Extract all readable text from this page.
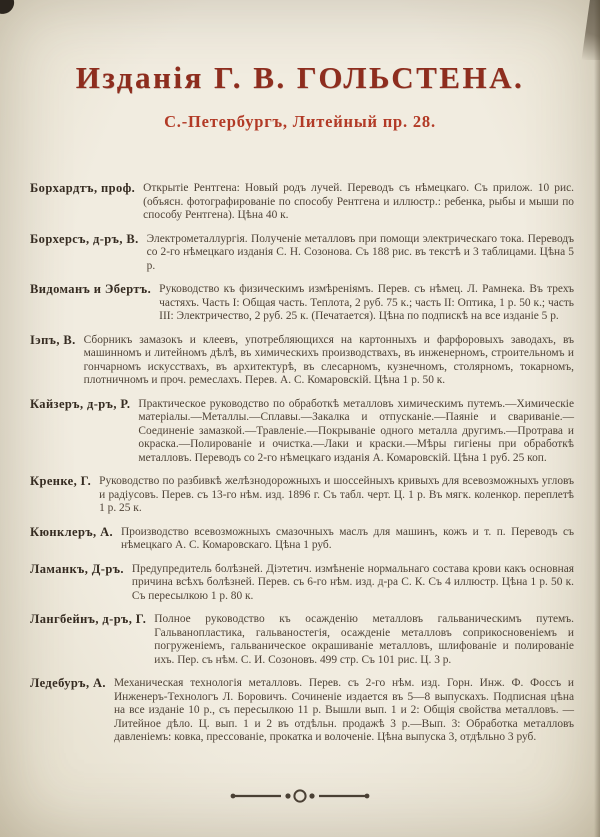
Изданія Г. В. ГОЛЬСТЕНА.
С.-Петербургъ, Литейный пр. 28.
Борхардтъ, проф. Открытіе Рентгена: Новый родъ лучей. Переводъ съ нѣмецкаго. Съ прилож. 10 рис. (объясн. фотографированіе по способу Рентгена и иллюстр.: ребенка, рыбы и мыши по способу Рентгена). Цѣна 40 к.
Борхерсъ, д-ръ, В. Электрометаллургія. Полученіе металловъ при помощи электрическаго тока. Переводъ со 2-го нѣмецкаго изданія С. Н. Созонова. Съ 188 рис. въ текстѣ и 3 таблицами. Цѣна 5 р.
Видоманъ и Эбертъ. Руководство къ физическимъ измѣреніямъ. Перев. съ нѣмец. Л. Рамнека. Въ трехъ частяхъ. Часть I: Общая часть. Теплота, 2 руб. 75 к.; часть II: Оптика, 1 р. 50 к.; часть III: Электричество, 2 руб. 25 к. (Печатается). Цѣна по подпискѣ на все изданіе 5 р.
Іэпъ, В. Сборникъ замазокъ и клеевъ, употребляющихся на картонныхъ и фарфоровыхъ заводахъ, въ машинномъ и литейномъ дѣлѣ, въ химическихъ производствахъ, въ инженерномъ, строительномъ и гончарномъ искусствахъ, въ архитектурѣ, въ слесарномъ, кузнечномъ, столярномъ, токарномъ, плотничномъ и проч. ремеслахъ. Перев. А. С. Комаровскій. Цѣна 1 р. 50 к.
Кайзеръ, д-ръ, Р. Практическое руководство по обработкѣ металловъ химическимъ путемъ.—Химическіе матеріалы.—Металлы.—Сплавы.—Закалка и отпусканіе.—Паяніе и свариваніе.—Соединеніе замазкой.—Травленіе.—Покрываніе одного металла другимъ.—Протрава и окраска.—Полированіе и очистка.—Лаки и краски.—Мѣры гигіены при обработкѣ металловъ. Переводъ со 2-го нѣмецкаго изданія А. Комаровскій. Цѣна 1 руб. 25 коп.
Кренке, Г. Руководство по разбивкѣ желѣзнодорожныхъ и шоссейныхъ кривыхъ для всевозможныхъ угловъ и радіусовъ. Перев. съ 13-го нѣм. изд. 1896 г. Съ табл. черт. Ц. 1 р. Въ мягк. коленкор. переплетѣ 1 р. 25 к.
Кюнклеръ, А. Производство всевозможныхъ смазочныхъ маслъ для машинъ, кожъ и т. п. Переводъ съ нѣмецкаго А. С. Комаровскаго. Цѣна 1 руб.
Ламанкъ, Д-ръ. Предупредитель болѣзней. Діэтетич. измѣненіе нормальнаго состава крови какъ основная причина всѣхъ болѣзней. Перев. съ 6-го нѣм. изд. д-ра С. К. Съ 4 иллюстр. Цѣна 1 р. 50 к. Съ пересылкою 1 р. 80 к.
Лангбейнъ, д-ръ, Г. Полное руководство къ осажденію металловъ гальваническимъ путемъ. Гальванопластика, гальваностегія, осажденіе металловъ соприкосновеніемъ и погруженіемъ, гальваническое окрашиваніе металловъ, шлифованіе и полированіе ихъ. Пер. съ нѣм. С. И. Созоновъ. 499 стр. Съ 101 рис. Ц. 3 р.
Ледебуръ, А. Механическая технологія металловъ. Перев. съ 2-го нѣм. изд. Горн. Инж. Ф. Фоссъ и Инженеръ-Технологъ Л. Боровичъ. Сочиненіе издается въ 5—8 выпускахъ. Подписная цѣна на все изданіе 10 р., съ пересылкою 11 р. Вышли вып. 1 и 2: Общія свойства металловъ. — Литейное дѣло. Ц. вып. 1 и 2 въ отдѣльн. продажѣ 3 р.—Вып. 3: Обработка металловъ давленіемъ: ковка, прессованіе, прокатка и волоченіе. Цѣна выпуска 3, отдѣльно 3 руб.
